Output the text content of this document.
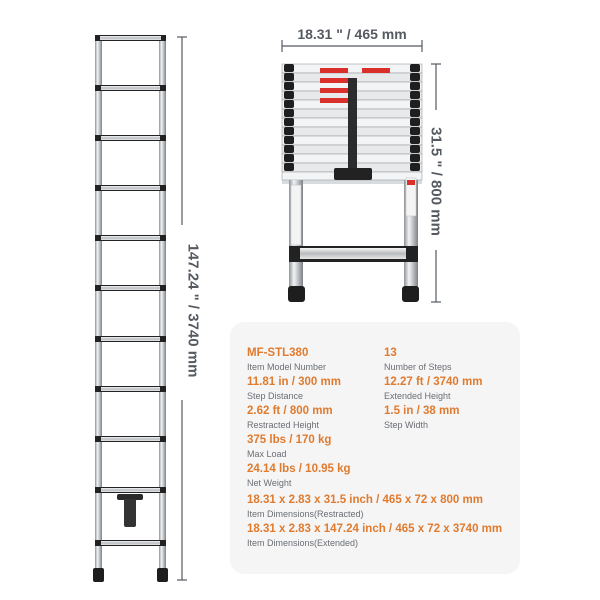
147.24 " / 3740 mm
18.31 " / 465 mm
31.5 " / 800 mm
MF-STL380
Item Model Number
13
Number of Steps
11.81 in / 300 mm
Step Distance
12.27 ft / 3740 mm
Extended Height
2.62 ft / 800 mm
Restracted Height
1.5 in / 38 mm
Step Width
375 lbs / 170 kg
Max Load
24.14 lbs / 10.95 kg
Net Weight
18.31 x 2.83 x 31.5 inch / 465 x 72 x 800 mm
Item Dimensions(Restracted)
18.31 x 2.83 x 147.24 inch / 465 x 72 x 3740 mm
Item Dimensions(Extended)
